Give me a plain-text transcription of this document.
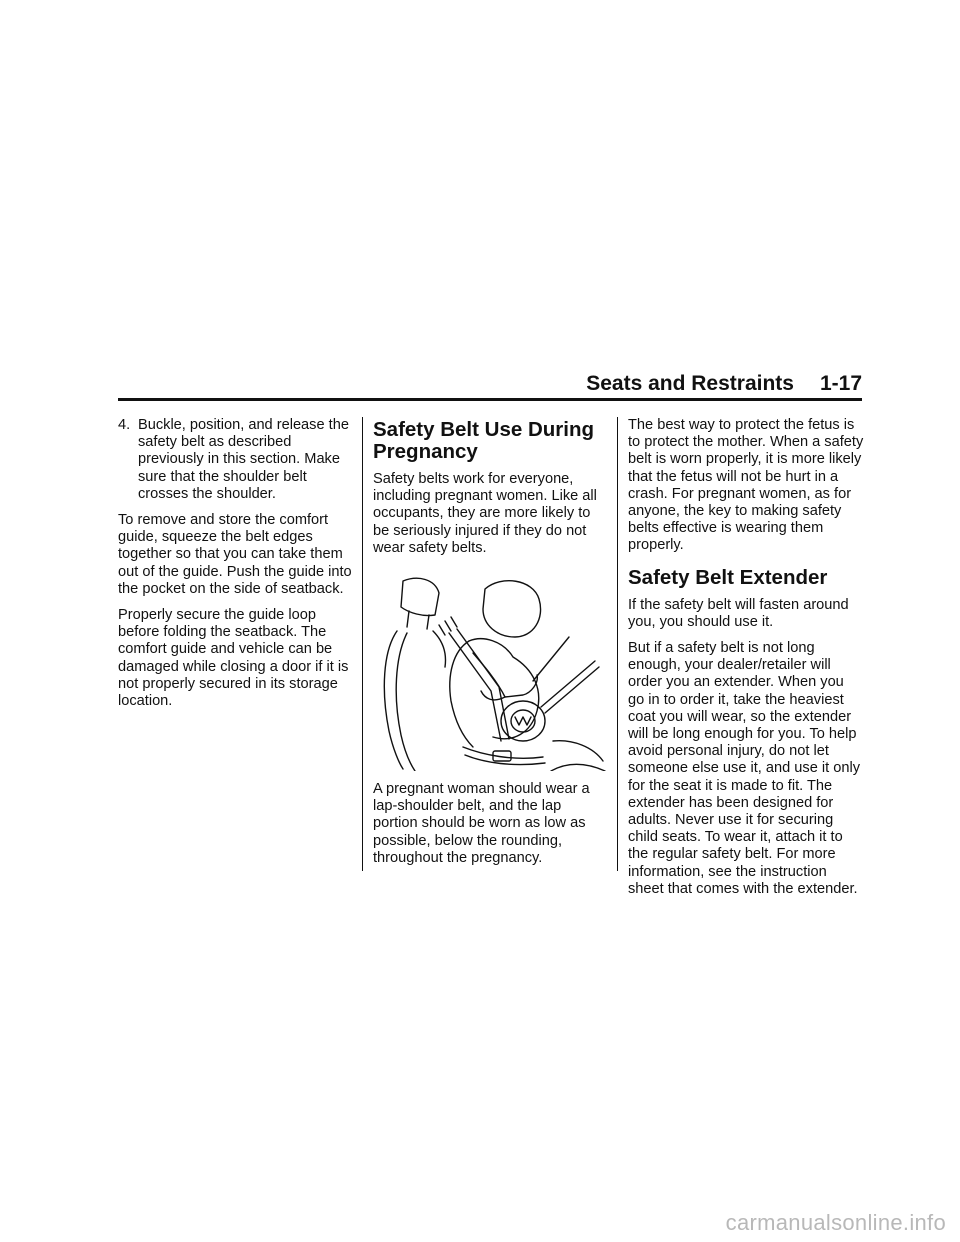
Seats and Restraints 1-17
4. Buckle, position, and release the safety belt as described previously in this section. Make sure that the shoulder belt crosses the shoulder.

To remove and store the comfort guide, squeeze the belt edges together so that you can take them out of the guide. Push the guide into the pocket on the side of seatback.

Properly secure the guide loop before folding the seatback. The comfort guide and vehicle can be damaged while closing a door if it is not properly secured in its storage location.

Safety Belt Use During Pregnancy

Safety belts work for everyone, including pregnant women. Like all occupants, they are more likely to be seriously injured if they do not wear safety belts.

A pregnant woman should wear a lap-shoulder belt, and the lap portion should be worn as low as possible, below the rounding, throughout the pregnancy.

The best way to protect the fetus is to protect the mother. When a safety belt is worn properly, it is more likely that the fetus will not be hurt in a crash. For pregnant women, as for anyone, the key to making safety belts effective is wearing them properly.

Safety Belt Extender

If the safety belt will fasten around you, you should use it.

But if a safety belt is not long enough, your dealer/retailer will order you an extender. When you go in to order it, take the heaviest coat you will wear, so the extender will be long enough for you. To help avoid personal injury, do not let someone else use it, and use it only for the seat it is made to fit. The extender has been designed for adults. Never use it for securing child seats. To wear it, attach it to the regular safety belt. For more information, see the instruction sheet that comes with the extender.

carmanualsonline.info
